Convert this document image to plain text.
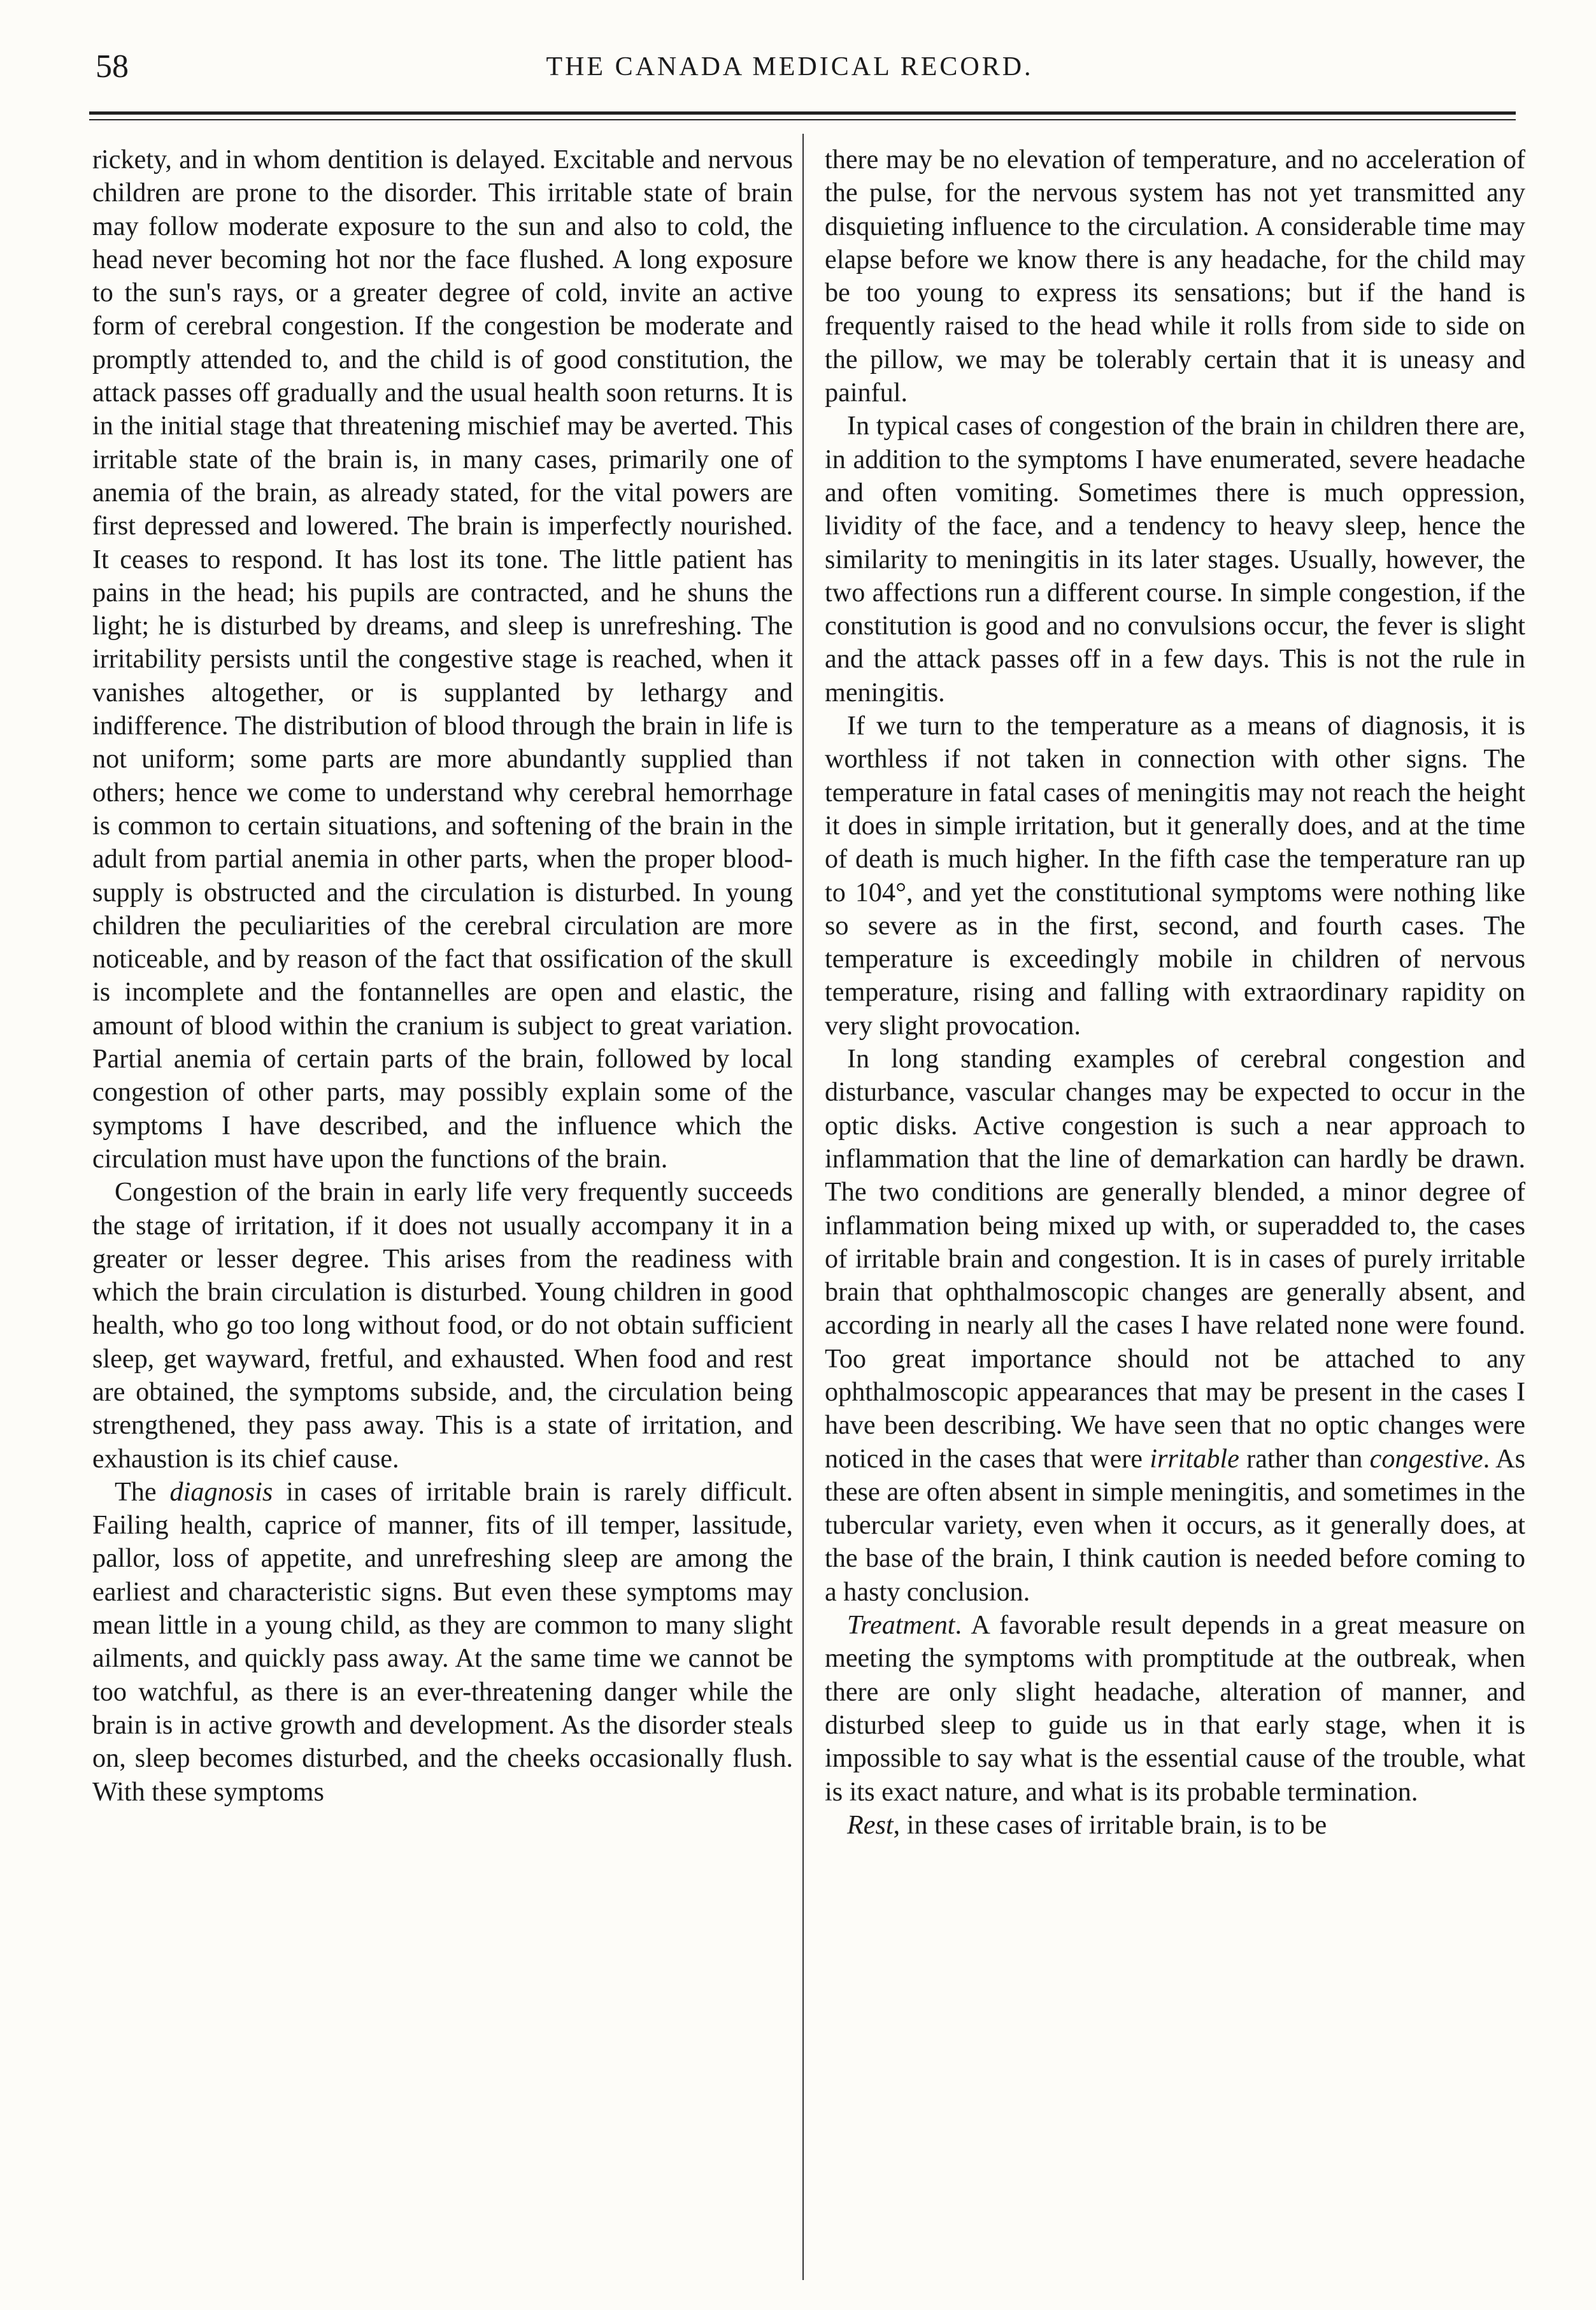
58	THE CANADA MEDICAL RECORD.

rickety, and in whom dentition is delayed. Excitable and nervous children are prone to the disorder. This irritable state of brain may follow moderate exposure to the sun and also to cold, the head never becoming hot nor the face flushed. A long exposure to the sun's rays, or a greater degree of cold, invite an active form of cerebral congestion. If the congestion be moderate and promptly attended to, and the child is of good constitution, the attack passes off gradually and the usual health soon returns. It is in the initial stage that threatening mischief may be averted. This irritable state of the brain is, in many cases, primarily one of anemia of the brain, as already stated, for the vital powers are first depressed and lowered. The brain is imperfectly nourished. It ceases to respond. It has lost its tone. The little patient has pains in the head; his pupils are contracted, and he shuns the light; he is disturbed by dreams, and sleep is unrefreshing. The irritability persists until the congestive stage is reached, when it vanishes altogether, or is supplanted by lethargy and indifference. The distribution of blood through the brain in life is not uniform; some parts are more abundantly supplied than others; hence we come to understand why cerebral hemorrhage is common to certain situations, and softening of the brain in the adult from partial anemia in other parts, when the proper blood-supply is obstructed and the circulation is disturbed. In young children the peculiarities of the cerebral circulation are more noticeable, and by reason of the fact that ossification of the skull is incomplete and the fontannelles are open and elastic, the amount of blood within the cranium is subject to great variation. Partial anemia of certain parts of the brain, followed by local congestion of other parts, may possibly explain some of the symptoms I have described, and the influence which the circulation must have upon the functions of the brain.

Congestion of the brain in early life very frequently succeeds the stage of irritation, if it does not usually accompany it in a greater or lesser degree. This arises from the readiness with which the brain circulation is disturbed. Young children in good health, who go too long without food, or do not obtain sufficient sleep, get wayward, fretful, and exhausted. When food and rest are obtained, the symptoms subside, and, the circulation being strengthened, they pass away. This is a state of irritation, and exhaustion is its chief cause.

The diagnosis in cases of irritable brain is rarely difficult. Failing health, caprice of manner, fits of ill temper, lassitude, pallor, loss of appetite, and unrefreshing sleep are among the earliest and characteristic signs. But even these symptoms may mean little in a young child, as they are common to many slight ailments, and quickly pass away. At the same time we cannot be too watchful, as there is an ever-threatening danger while the brain is in active growth and development. As the disorder steals on, sleep becomes disturbed, and the cheeks occasionally flush. With these symptoms

there may be no elevation of temperature, and no acceleration of the pulse, for the nervous system has not yet transmitted any disquieting influence to the circulation. A considerable time may elapse before we know there is any headache, for the child may be too young to express its sensations; but if the hand is frequently raised to the head while it rolls from side to side on the pillow, we may be tolerably certain that it is uneasy and painful.

In typical cases of congestion of the brain in children there are, in addition to the symptoms I have enumerated, severe headache and often vomiting. Sometimes there is much oppression, lividity of the face, and a tendency to heavy sleep, hence the similarity to meningitis in its later stages. Usually, however, the two affections run a different course. In simple congestion, if the constitution is good and no convulsions occur, the fever is slight and the attack passes off in a few days. This is not the rule in meningitis.

If we turn to the temperature as a means of diagnosis, it is worthless if not taken in connection with other signs. The temperature in fatal cases of meningitis may not reach the height it does in simple irritation, but it generally does, and at the time of death is much higher. In the fifth case the temperature ran up to 104°, and yet the constitutional symptoms were nothing like so severe as in the first, second, and fourth cases. The temperature is exceedingly mobile in children of nervous temperature, rising and falling with extraordinary rapidity on very slight provocation.

In long standing examples of cerebral congestion and disturbance, vascular changes may be expected to occur in the optic disks. Active congestion is such a near approach to inflammation that the line of demarkation can hardly be drawn. The two conditions are generally blended, a minor degree of inflammation being mixed up with, or superadded to, the cases of irritable brain and congestion. It is in cases of purely irritable brain that ophthalmoscopic changes are generally absent, and according in nearly all the cases I have related none were found. Too great importance should not be attached to any ophthalmoscopic appearances that may be present in the cases I have been describing. We have seen that no optic changes were noticed in the cases that were irritable rather than congestive. As these are often absent in simple meningitis, and sometimes in the tubercular variety, even when it occurs, as it generally does, at the base of the brain, I think caution is needed before coming to a hasty conclusion.

Treatment. A favorable result depends in a great measure on meeting the symptoms with promptitude at the outbreak, when there are only slight headache, alteration of manner, and disturbed sleep to guide us in that early stage, when it is impossible to say what is the essential cause of the trouble, what is its exact nature, and what is its probable termination.

Rest, in these cases of irritable brain, is to be
